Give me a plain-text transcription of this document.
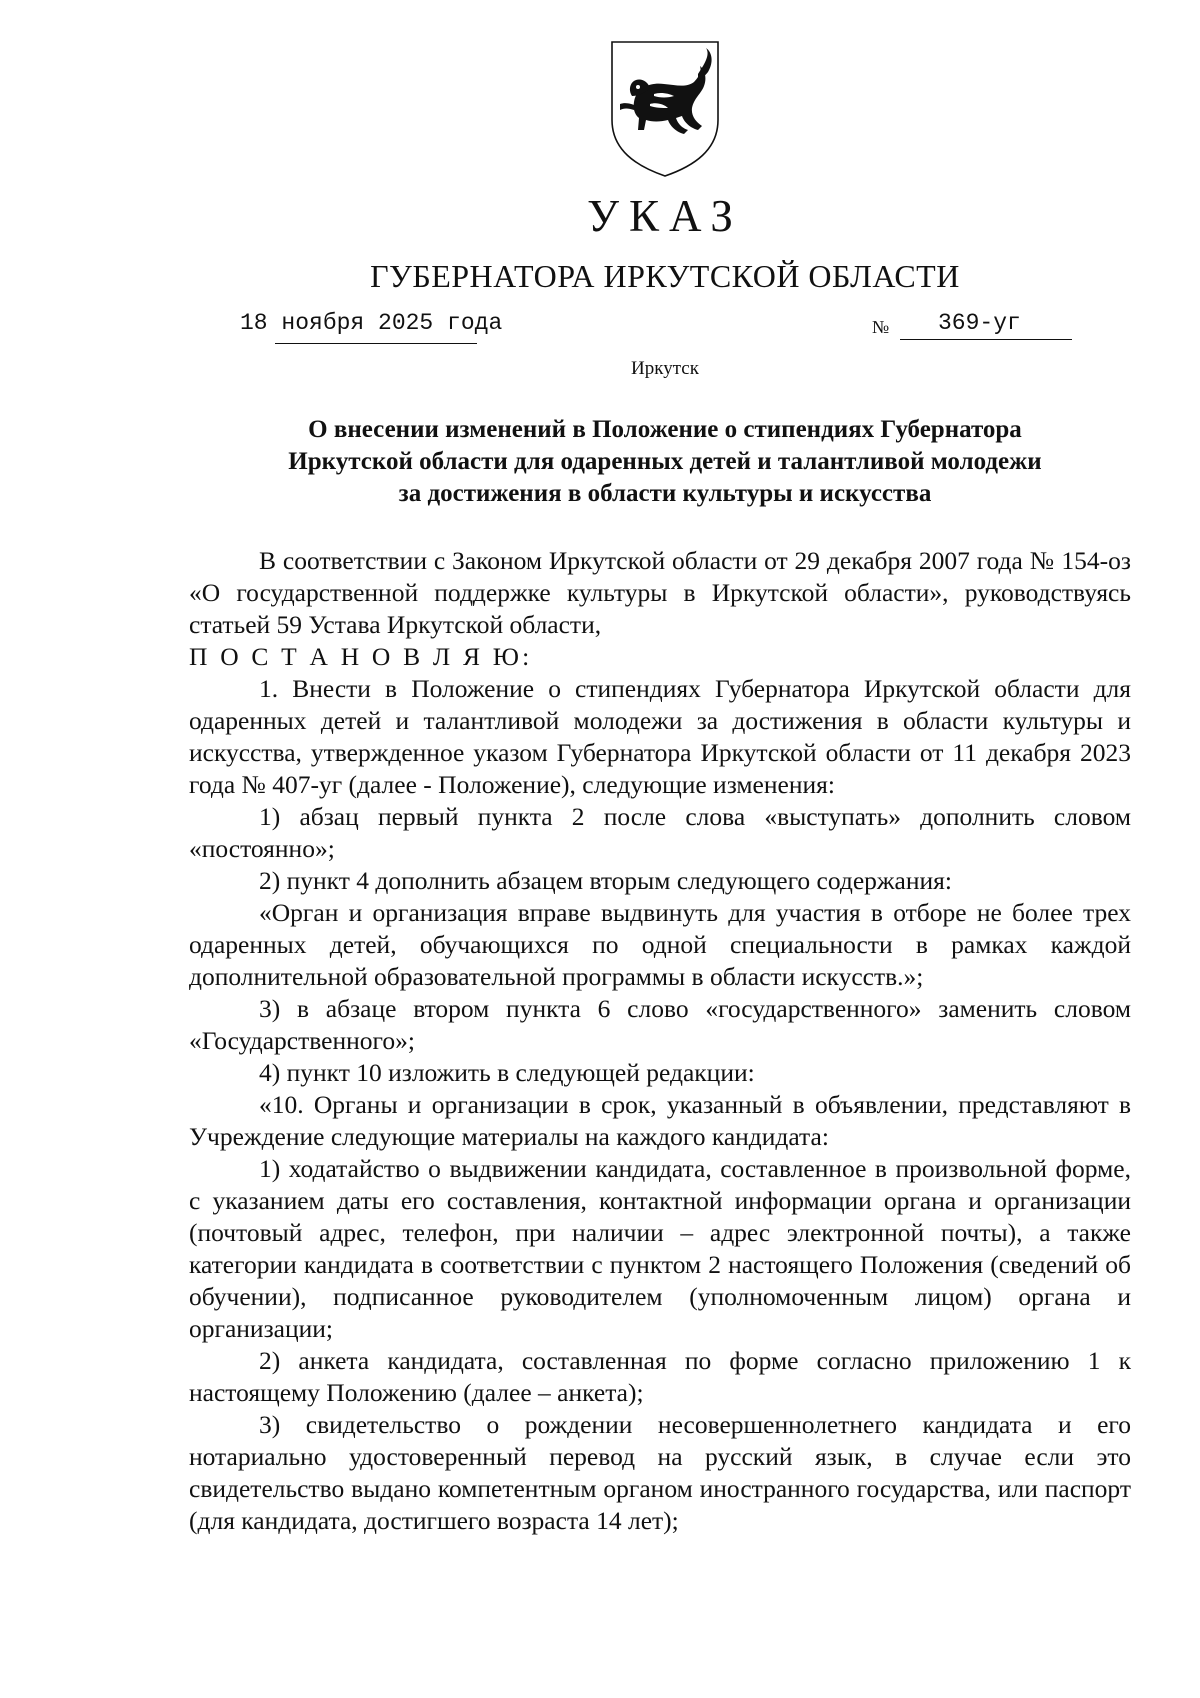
УКАЗ
ГУБЕРНАТОРА ИРКУТСКОЙ ОБЛАСТИ
18 ноября 2025 года	№ 369-уг
Иркутск
О внесении изменений в Положение о стипендиях Губернатора
Иркутской области для одаренных детей и талантливой молодежи
за достижения в области культуры и искусства

В соответствии с Законом Иркутской области от 29 декабря 2007 года № 154-оз «О государственной поддержке культуры в Иркутской области», руководствуясь статьей 59 Устава Иркутской области,

П О С Т А Н О В Л Я Ю:

1. Внести в Положение о стипендиях Губернатора Иркутской области для одаренных детей и талантливой молодежи за достижения в области культуры и искусства, утвержденное указом Губернатора Иркутской области от 11 декабря 2023 года № 407-уг (далее - Положение), следующие изменения:

1) абзац первый пункта 2 после слова «выступать» дополнить словом «постоянно»;

2) пункт 4 дополнить абзацем вторым следующего содержания:

«Орган и организация вправе выдвинуть для участия в отборе не более трех одаренных детей, обучающихся по одной специальности в рамках каждой дополнительной образовательной программы в области искусств.»;

3) в абзаце втором пункта 6 слово «государственного» заменить словом «Государственного»;

4) пункт 10 изложить в следующей редакции:

«10. Органы и организации в срок, указанный в объявлении, представляют в Учреждение следующие материалы на каждого кандидата:

1) ходатайство о выдвижении кандидата, составленное в произвольной форме, с указанием даты его составления, контактной информации органа и организации (почтовый адрес, телефон, при наличии – адрес электронной почты), а также категории кандидата в соответствии с пунктом 2 настоящего Положения (сведений об обучении), подписанное руководителем (уполномоченным лицом) органа и организации;

2) анкета кандидата, составленная по форме согласно приложению 1 к настоящему Положению (далее – анкета);

3) свидетельство о рождении несовершеннолетнего кандидата и его нотариально удостоверенный перевод на русский язык, в случае если это свидетельство выдано компетентным органом иностранного государства, или паспорт (для кандидата, достигшего возраста 14 лет);
